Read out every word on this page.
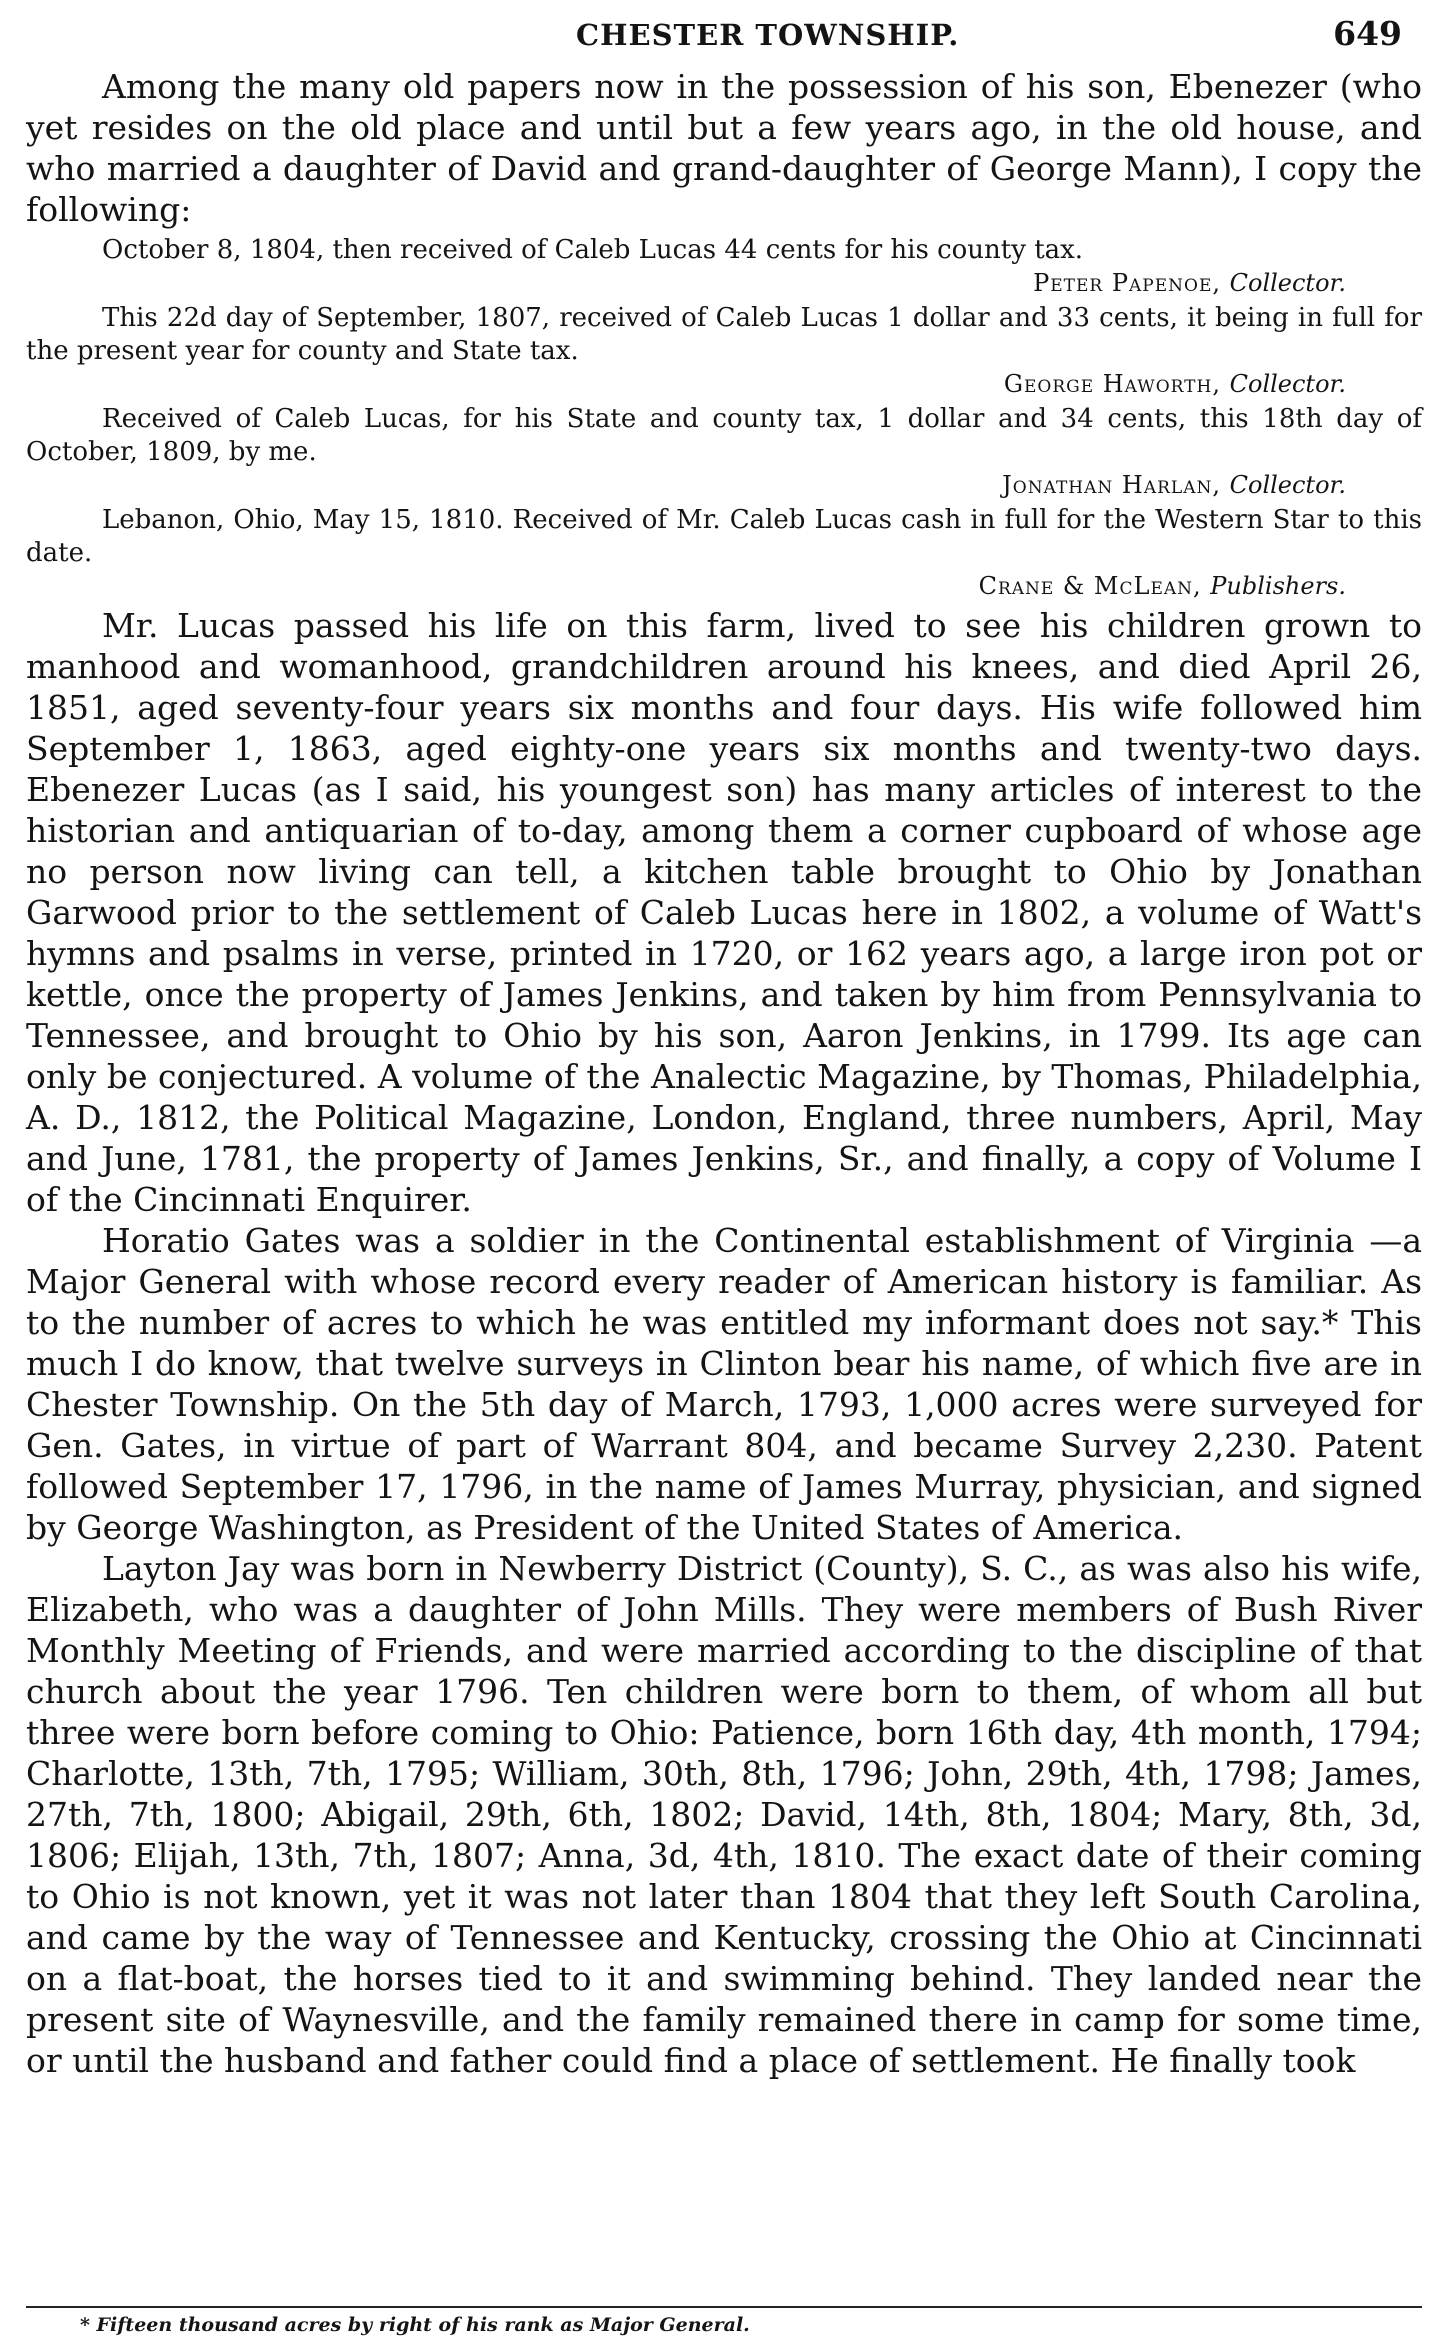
CHESTER TOWNSHIP.	649

Among the many old papers now in the possession of his son, Ebenezer (who yet resides on the old place and until but a few years ago, in the old house, and who married a daughter of David and grand-daughter of George Mann), I copy the following:

October 8, 1804, then received of Caleb Lucas 44 cents for his county tax.

Peter Papenoe, Collector.

This 22d day of September, 1807, received of Caleb Lucas 1 dollar and 33 cents, it being in full for the present year for county and State tax.

George Haworth, Collector.

Received of Caleb Lucas, for his State and county tax, 1 dollar and 34 cents, this 18th day of October, 1809, by me.

Jonathan Harlan, Collector.

Lebanon, Ohio, May 15, 1810. Received of Mr. Caleb Lucas cash in full for the Western Star to this date.

Crane & McLean, Publishers.

Mr. Lucas passed his life on this farm, lived to see his children grown to manhood and womanhood, grandchildren around his knees, and died April 26, 1851, aged seventy-four years six months and four days. His wife followed him September 1, 1863, aged eighty-one years six months and twenty-two days. Ebenezer Lucas (as I said, his youngest son) has many articles of interest to the historian and antiquarian of to-day, among them a corner cupboard of whose age no person now living can tell, a kitchen table brought to Ohio by Jonathan Garwood prior to the settlement of Caleb Lucas here in 1802, a volume of Watt's hymns and psalms in verse, printed in 1720, or 162 years ago, a large iron pot or kettle, once the property of James Jenkins, and taken by him from Pennsylvania to Tennessee, and brought to Ohio by his son, Aaron Jenkins, in 1799. Its age can only be conjectured. A volume of the Analectic Magazine, by Thomas, Philadelphia, A. D., 1812, the Political Magazine, London, England, three numbers, April, May and June, 1781, the property of James Jenkins, Sr., and finally, a copy of Volume I of the Cincinnati Enquirer.

Horatio Gates was a soldier in the Continental establishment of Virginia —a Major General with whose record every reader of American history is familiar. As to the number of acres to which he was entitled my informant does not say.* This much I do know, that twelve surveys in Clinton bear his name, of which five are in Chester Township. On the 5th day of March, 1793, 1,000 acres were surveyed for Gen. Gates, in virtue of part of Warrant 804, and became Survey 2,230. Patent followed September 17, 1796, in the name of James Murray, physician, and signed by George Washington, as President of the United States of America.

Layton Jay was born in Newberry District (County), S. C., as was also his wife, Elizabeth, who was a daughter of John Mills. They were members of Bush River Monthly Meeting of Friends, and were married according to the discipline of that church about the year 1796. Ten children were born to them, of whom all but three were born before coming to Ohio: Patience, born 16th day, 4th month, 1794; Charlotte, 13th, 7th, 1795; William, 30th, 8th, 1796; John, 29th, 4th, 1798; James, 27th, 7th, 1800; Abigail, 29th, 6th, 1802; David, 14th, 8th, 1804; Mary, 8th, 3d, 1806; Elijah, 13th, 7th, 1807; Anna, 3d, 4th, 1810. The exact date of their coming to Ohio is not known, yet it was not later than 1804 that they left South Carolina, and came by the way of Tennessee and Kentucky, crossing the Ohio at Cincinnati on a flat-boat, the horses tied to it and swimming behind. They landed near the present site of Waynesville, and the family remained there in camp for some time, or until the husband and father could find a place of settlement. He finally took

* Fifteen thousand acres by right of his rank as Major General.
